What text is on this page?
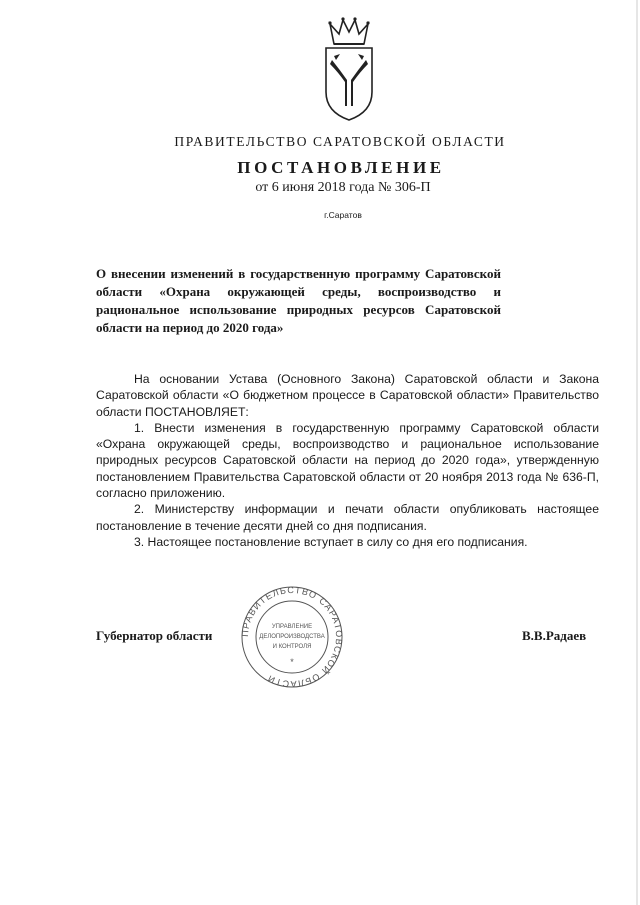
ПРАВИТЕЛЬСТВО САРАТОВСКОЙ ОБЛАСТИ
ПОСТАНОВЛЕНИЕ
от 6 июня 2018 года № 306-П
г.Саратов
О внесении изменений в государственную программу Саратовской области «Охрана окружающей среды, воспроизводство и рациональное использование природных ресурсов Саратовской области на период до 2020 года»

На основании Устава (Основного Закона) Саратовской области и Закона Саратовской области «О бюджетном процессе в Саратовской области» Правительство области ПОСТАНОВЛЯЕТ:

1. Внести изменения в государственную программу Саратовской области «Охрана окружающей среды, воспроизводство и рациональное использование природных ресурсов Саратовской области на период до 2020 года», утвержденную постановлением Правительства Саратовской области от 20 ноября 2013 года № 636-П, согласно приложению.

2. Министерству информации и печати области опубликовать настоящее постановление в течение десяти дней со дня подписания.

3. Настоящее постановление вступает в силу со дня его подписания.

Губернатор области	В.В.Радаев
ПРАВИТЕЛЬСТВО САРАТОВСКОЙ ОБЛАСТИ
УПРАВЛЕНИЕ
ДЕЛОПРОИЗВОДСТВА
И КОНТРОЛЯ
*
